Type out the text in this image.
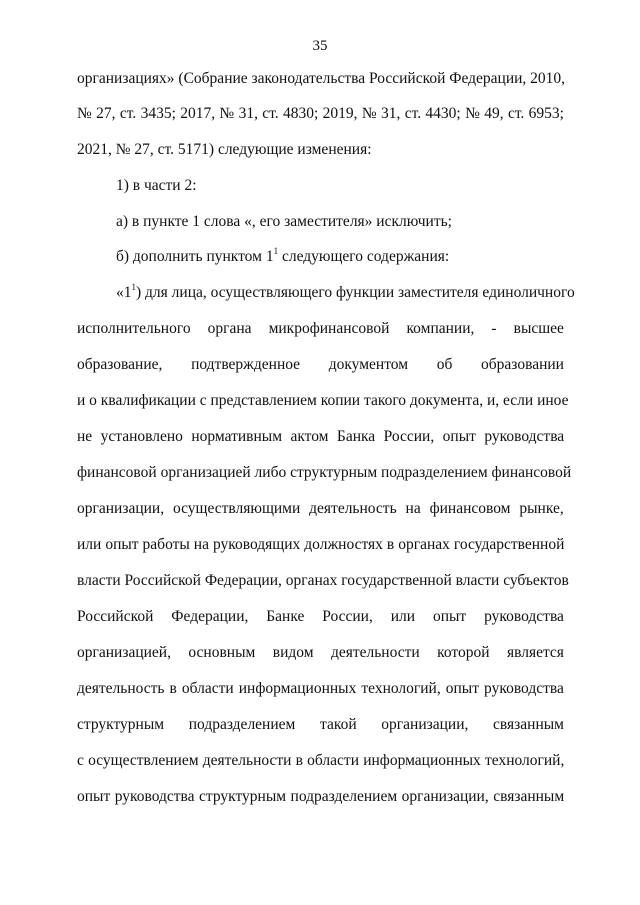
35
организациях» (Собрание законодательства Российской Федерации, 2010,
№ 27, ст. 3435; 2017, № 31, ст. 4830; 2019, № 31, ст. 4430; № 49, ст. 6953;
2021, № 27, ст. 5171) следующие изменения:
1) в части 2:
а) в пункте 1 слова «, его заместителя» исключить;
б) дополнить пунктом $1^1$ следующего содержания:
«$1^1$) для лица, осуществляющего функции заместителя единоличного
исполнительного органа микрофинансовой компании, - высшее
образование, подтвержденное документом об образовании
и о квалификации с представлением копии такого документа, и, если иное
не установлено нормативным актом Банка России, опыт руководства
финансовой организацией либо структурным подразделением финансовой
организации, осуществляющими деятельность на финансовом рынке,
или опыт работы на руководящих должностях в органах государственной
власти Российской Федерации, органах государственной власти субъектов
Российской Федерации, Банке России, или опыт руководства
организацией, основным видом деятельности которой является
деятельность в области информационных технологий, опыт руководства
структурным подразделением такой организации, связанным
с осуществлением деятельности в области информационных технологий,
опыт руководства структурным подразделением организации, связанным
